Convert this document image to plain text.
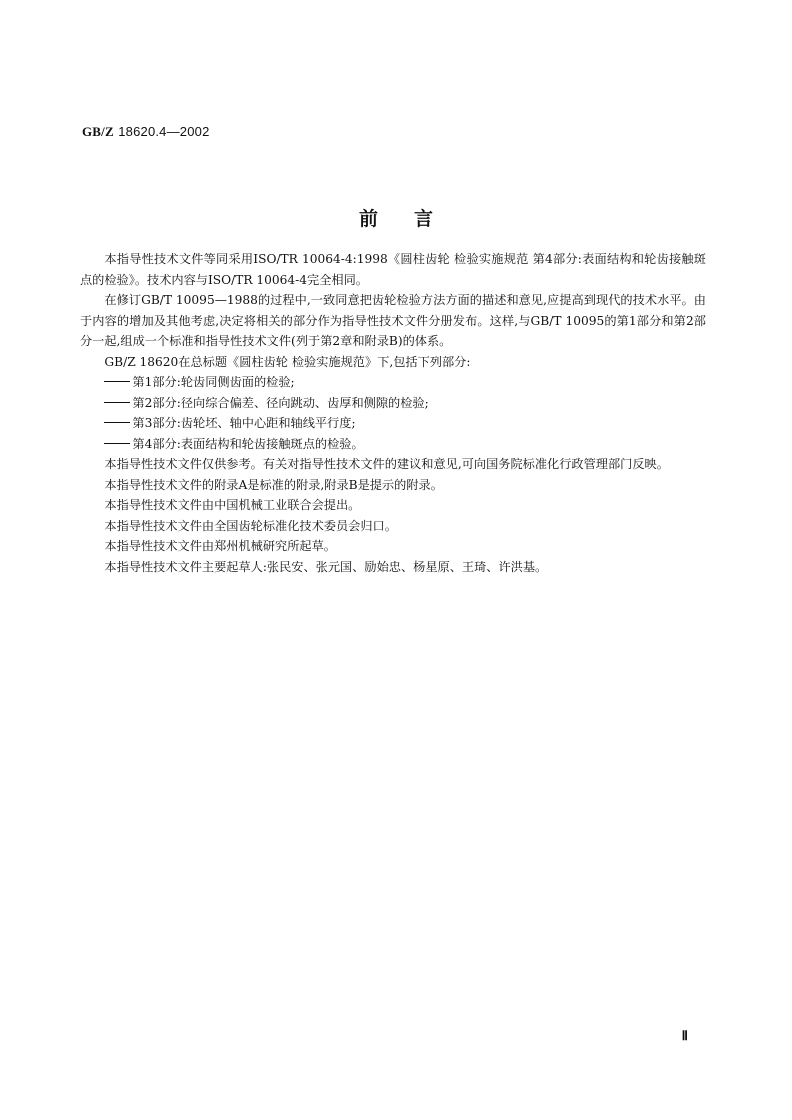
GB/Z 18620.4—2002
前言

本指导性技术文件等同采用ISO/TR 10064-4:1998《圆柱齿轮 检验实施规范 第4部分:表面结构和轮齿接触斑点的检验》。技术内容与ISO/TR 10064-4完全相同。

在修订GB/T 10095—1988的过程中,一致同意把齿轮检验方法方面的描述和意见,应提高到现代的技术水平。由于内容的增加及其他考虑,决定将相关的部分作为指导性技术文件分册发布。这样,与GB/T 10095的第1部分和第2部分一起,组成一个标准和指导性技术文件(列于第2章和附录B)的体系。

GB/Z 18620在总标题《圆柱齿轮 检验实施规范》下,包括下列部分:

第1部分:轮齿同侧齿面的检验;

第2部分:径向综合偏差、径向跳动、齿厚和侧隙的检验;

第3部分:齿轮坯、轴中心距和轴线平行度;

第4部分:表面结构和轮齿接触斑点的检验。

本指导性技术文件仅供参考。有关对指导性技术文件的建议和意见,可向国务院标准化行政管理部门反映。

本指导性技术文件的附录A是标准的附录,附录B是提示的附录。

本指导性技术文件由中国机械工业联合会提出。

本指导性技术文件由全国齿轮标准化技术委员会归口。

本指导性技术文件由郑州机械研究所起草。

本指导性技术文件主要起草人:张民安、张元国、励始忠、杨星原、王琦、许洪基。

Ⅱ
